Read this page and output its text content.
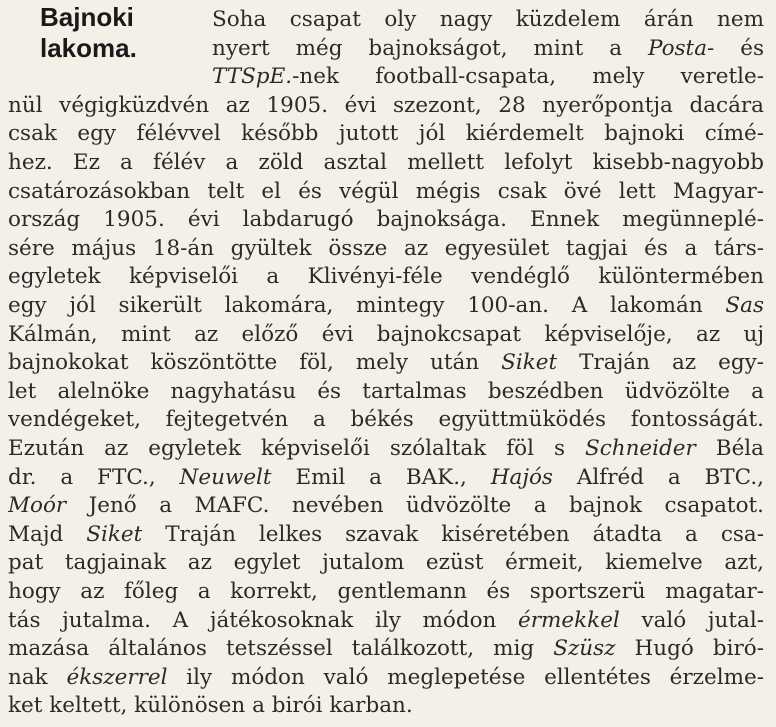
Bajnoki
lakoma.
Soha csapat oly nagy küzdelem árán nem
nyert még bajnokságot, mint a Posta- és
TTSpE.-nek football-csapata, mely veretle-
nül végigküzdvén az 1905. évi szezont, 28 nyerőpontja dacára
csak egy félévvel később jutott jól kiérdemelt bajnoki címé-
hez. Ez a félév a zöld asztal mellett lefolyt kisebb-nagyobb
csatározásokban telt el és végül mégis csak övé lett Magyar-
ország 1905. évi labdarugó bajnoksága. Ennek megünneplé-
sére május 18-án gyültek össze az egyesület tagjai és a társ-
egyletek képviselői a Klivényi-féle vendéglő különtermében
egy jól sikerült lakomára, mintegy 100-an. A lakomán Sas
Kálmán, mint az előző évi bajnokcsapat képviselője, az uj
bajnokokat köszöntötte föl, mely után Siket Traján az egy-
let alelnöke nagyhatásu és tartalmas beszédben üdvözölte a
vendégeket, fejtegetvén a békés együttmüködés fontosságát.
Ezután az egyletek képviselői szólaltak föl s Schneider Béla
dr. a FTC., Neuwelt Emil a BAK., Hajós Alfréd a BTC.,
Moór Jenő a MAFC. nevében üdvözölte a bajnok csapatot.
Majd Siket Traján lelkes szavak kiséretében átadta a csa-
pat tagjainak az egylet jutalom ezüst érmeit, kiemelve azt,
hogy az főleg a korrekt, gentlemann és sportszerü magatar-
tás jutalma. A játékosoknak ily módon érmekkel való jutal-
mazása általános tetszéssel találkozott, mig Szüsz Hugó biró-
nak ékszerrel ily módon való meglepetése ellentétes érzelme-
ket keltett, különösen a birói karban.
